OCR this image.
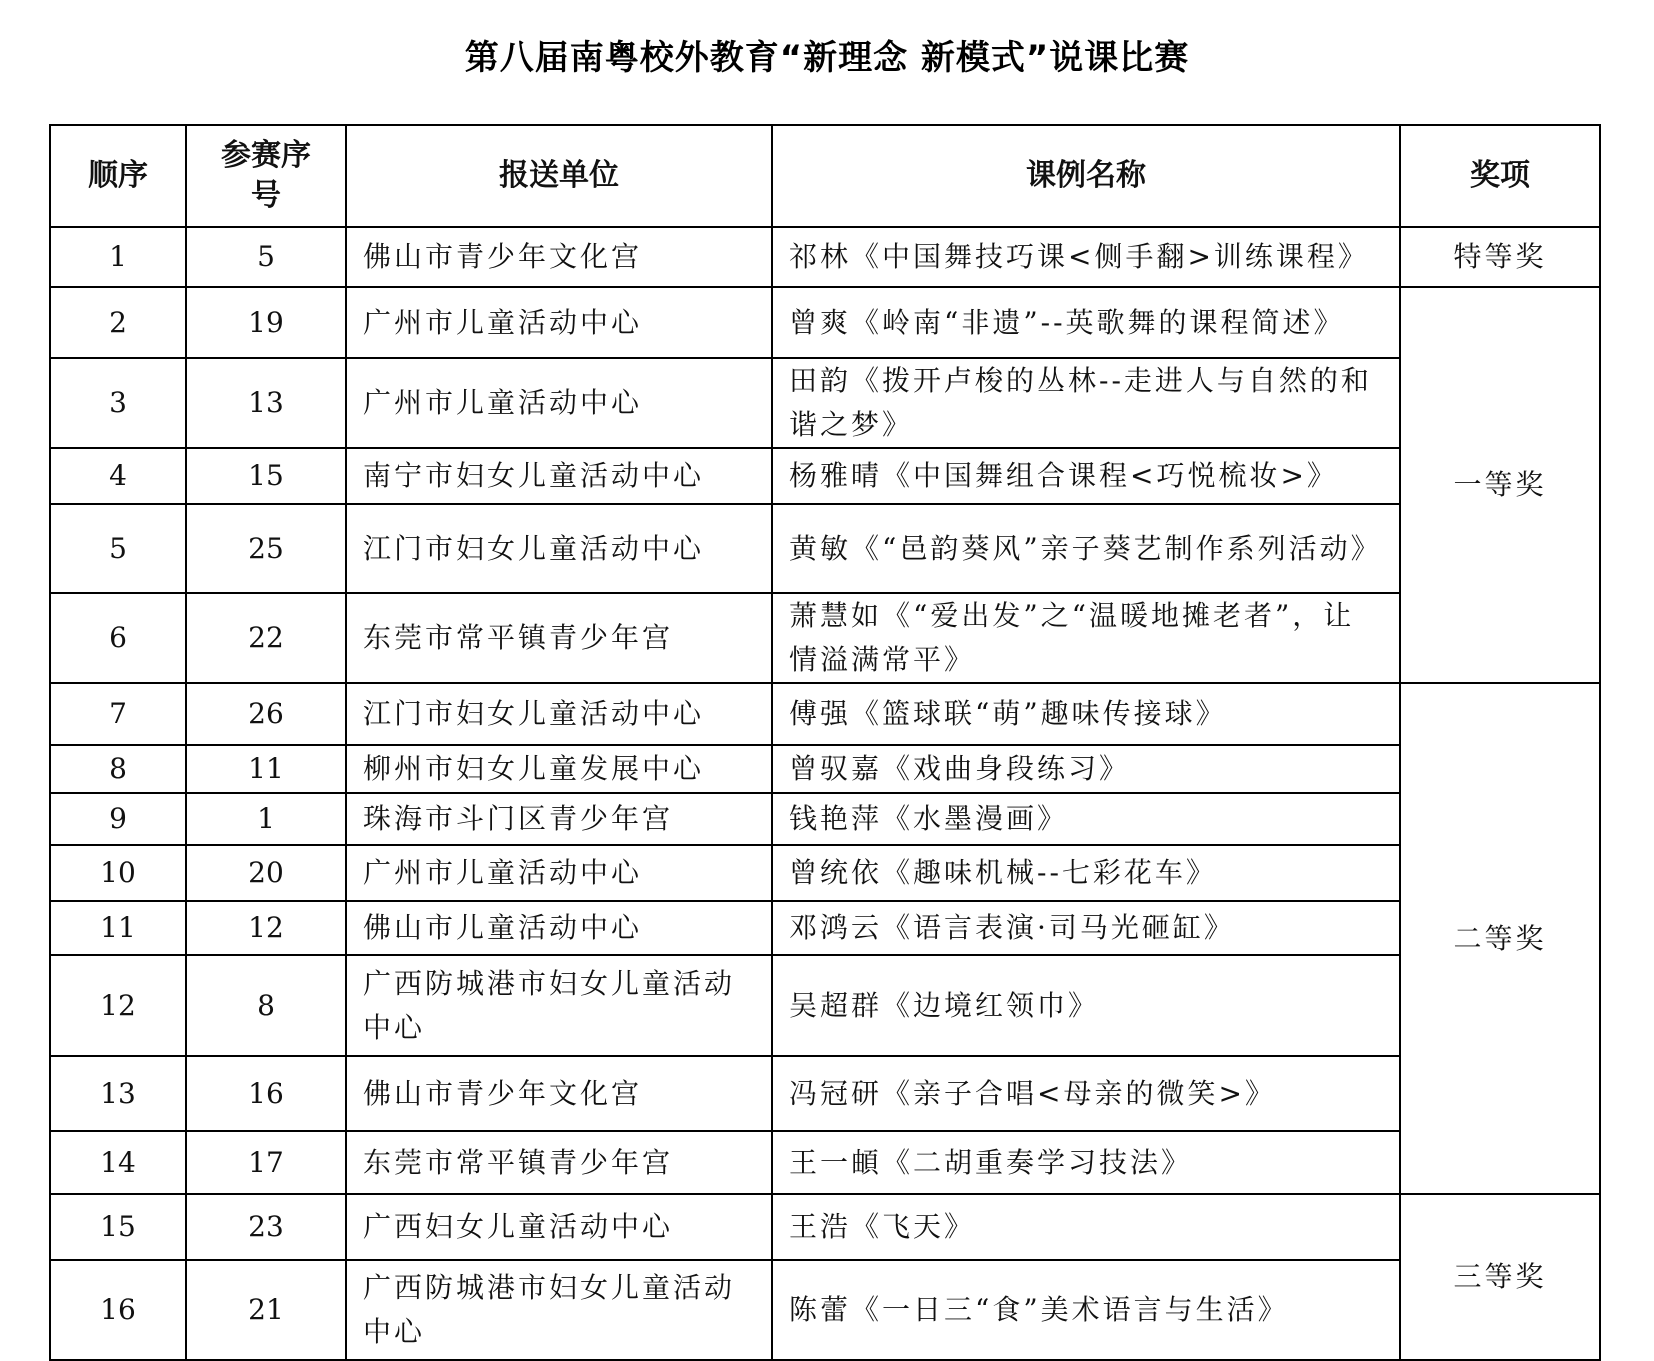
第八届南粤校外教育“新理念 新模式”说课比赛
顺序	参赛序号	报送单位	课例名称	奖项
1	5	佛山市青少年文化宫	祁林《中国舞技巧课<侧手翻>训练课程》	特等奖
2	19	广州市儿童活动中心	曾爽《岭南“非遗”--英歌舞的课程简述》	一等奖
3	13	广州市儿童活动中心	田韵《拨开卢梭的丛林--走进人与自然的和谐之梦》	
4	15	南宁市妇女儿童活动中心	杨雅晴《中国舞组合课程<巧悦梳妆>》	
5	25	江门市妇女儿童活动中心	黄敏《“邑韵葵风”亲子葵艺制作系列活动》	
6	22	东莞市常平镇青少年宫	萧慧如《“爱出发”之“温暖地摊老者”，让情溢满常平》	
7	26	江门市妇女儿童活动中心	傅强《篮球联“萌”趣味传接球》	二等奖
8	11	柳州市妇女儿童发展中心	曾驭嘉《戏曲身段练习》	
9	1	珠海市斗门区青少年宫	钱艳萍《水墨漫画》	
10	20	广州市儿童活动中心	曾统依《趣味机械--七彩花车》	
11	12	佛山市儿童活动中心	邓鸿云《语言表演·司马光砸缸》	
12	8	广西防城港市妇女儿童活动中心	吴超群《边境红领巾》	
13	16	佛山市青少年文化宫	冯冠研《亲子合唱<母亲的微笑>》	
14	17	东莞市常平镇青少年宫	王一頔《二胡重奏学习技法》	
15	23	广西妇女儿童活动中心	王浩《飞天》	三等奖
16	21	广西防城港市妇女儿童活动中心	陈蕾《一日三“食”美术语言与生活》	
